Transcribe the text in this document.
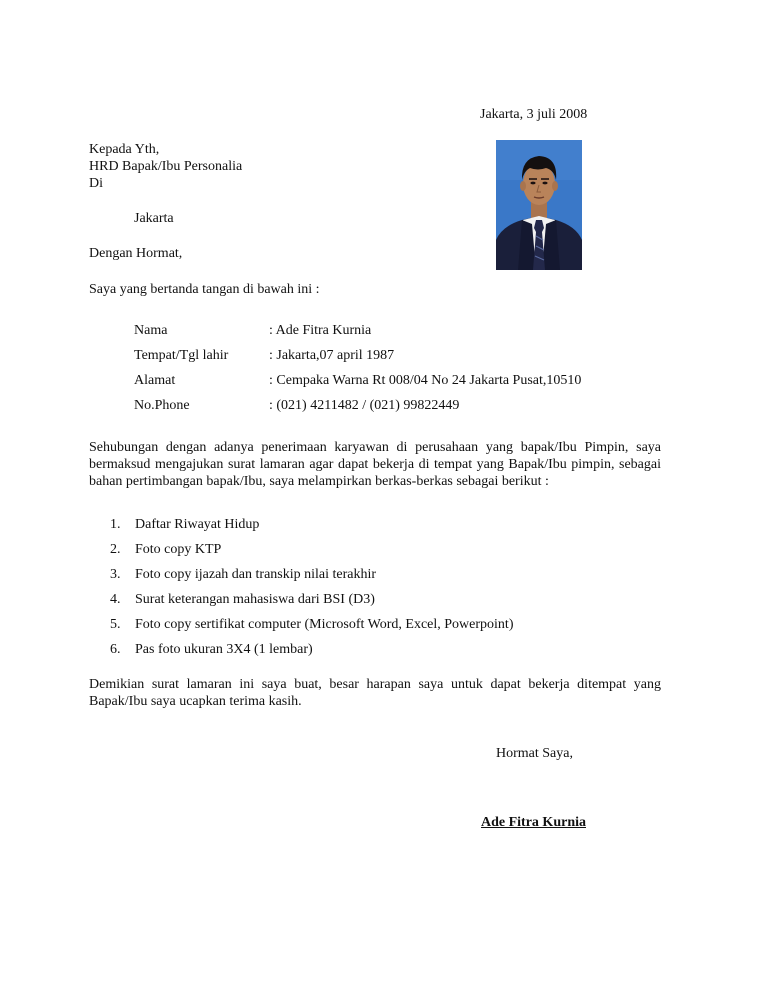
Jakarta, 3 juli 2008
Kepada Yth,
HRD Bapak/Ibu Personalia
Di
Jakarta
Dengan Hormat,
Saya yang bertanda tangan di bawah ini :
Nama	: Ade Fitra Kurnia
Tempat/Tgl lahir	: Jakarta,07 april 1987
Alamat	: Cempaka Warna Rt 008/04 No 24 Jakarta Pusat,10510
No.Phone	: (021) 4211482 / (021) 99822449
Sehubungan dengan adanya penerimaan karyawan di perusahaan yang bapak/Ibu Pimpin, saya bermaksud mengajukan surat lamaran agar dapat bekerja di tempat yang Bapak/Ibu pimpin, sebagai bahan pertimbangan bapak/Ibu, saya melampirkan berkas-berkas sebagai berikut :
1. Daftar Riwayat Hidup
2. Foto copy KTP
3. Foto copy ijazah dan transkip nilai terakhir
4. Surat keterangan mahasiswa dari BSI (D3)
5. Foto copy sertifikat computer (Microsoft Word, Excel, Powerpoint)
6. Pas foto ukuran 3X4 (1 lembar)
Demikian surat lamaran ini saya buat, besar harapan saya untuk dapat bekerja ditempat yang Bapak/Ibu saya ucapkan terima kasih.
Hormat Saya,
Ade Fitra Kurnia
